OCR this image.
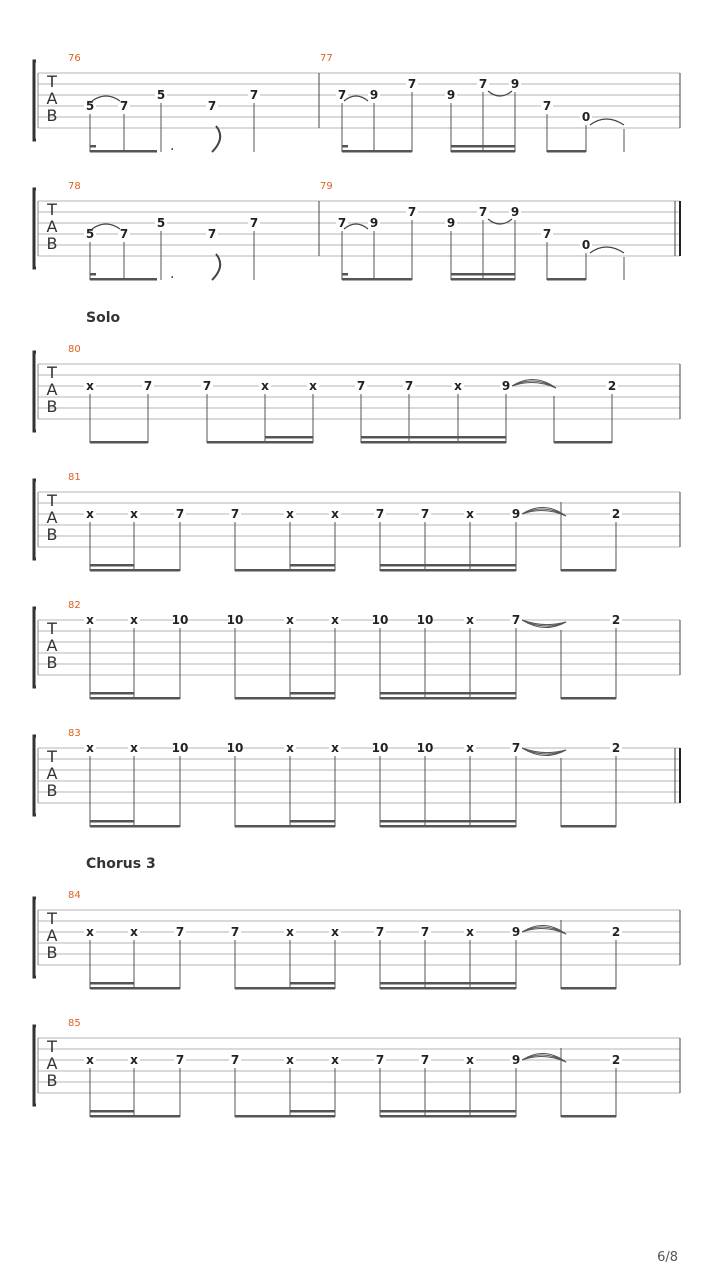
T
A
B
76	77
5 7
5
7
7	7 9
7
9
7 9
7
0
.
T
A
B
78	79
5 7
5
7
7	7 9
7
9
7 9
7
0
.
Solo
T
A
B
80
x	7	7	x	x	7	7	x	9	2
T
A
B
81
x	x	7	7	x	x	7	7	x	9	2
T
A
B
82
x	x	10	10	x	x	10 10	x	7	2
T
A
B
83
x	x	10	10	x	x	10 10	x	7	2
Chorus 3
T
A
B
84
x	x	7	7	x	x	7	7	x	9	2
T
A
B
85
x	x	7	7	x	x	7	7	x	9	2
6/8
